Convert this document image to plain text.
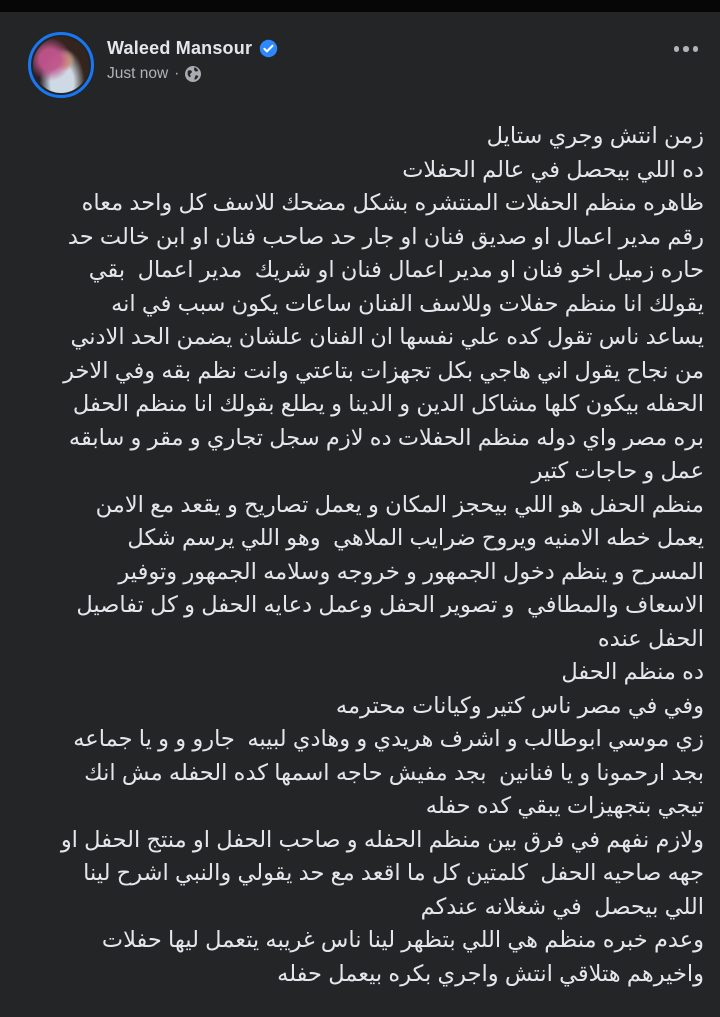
Waleed Mansour
Just now ·
زمن انتش وجري ستايل
ده اللي بيحصل في عالم الحفلات
ظاهره منظم الحفلات المنتشره بشكل مضحك للاسف كل واحد معاه
رقم مدير اعمال او صديق فنان او جار حد صاحب فنان او ابن خالت حد
حاره زميل اخو فنان او مدير اعمال فنان او شريك  مدير اعمال  بقي
يقولك انا منظم حفلات وللاسف الفنان ساعات يكون سبب في انه
يساعد ناس تقول كده علي نفسها ان الفنان علشان يضمن الحد الادني
من نجاح يقول اني هاجي بكل تجهزات بتاعتي وانت نظم بقه وفي الاخر
الحفله بيكون كلها مشاكل الدين و الدينا و يطلع بقولك انا منظم الحفل
بره مصر واي دوله منظم الحفلات ده لازم سجل تجاري و مقر و سابقه
عمل و حاجات كتير
منظم الحفل هو اللي بيحجز المكان و يعمل تصاريح و يقعد مع الامن
يعمل خطه الامنيه ويروح ضرايب الملاهي  وهو اللي يرسم شكل
المسرح و ينظم دخول الجمهور و خروجه وسلامه الجمهور وتوفير
الاسعاف والمطافي  و تصوير الحفل وعمل دعايه الحفل و كل تفاصيل
الحفل عنده
ده منظم الحفل
وفي في مصر ناس كتير وكيانات محترمه
زي موسي ابوطالب و اشرف هريدي و وهادي لبيبه  جارو و و يا جماعه
بجد ارحمونا و يا فنانين  بجد مفيش حاجه اسمها كده الحفله مش انك
تيجي بتجهيزات يبقي كده حفله
ولازم نفهم في فرق بين منظم الحفله و صاحب الحفل او منتج الحفل او
جهه صاحيه الحفل  كلمتين كل ما اقعد مع حد يقولي والنبي اشرح لينا
اللي بيحصل  في شغلانه عندكم
وعدم خبره منظم هي اللي بتظهر لينا ناس غريبه يتعمل ليها حفلات
واخيرهم هتلاقي انتش واجري بكره بيعمل حفله
